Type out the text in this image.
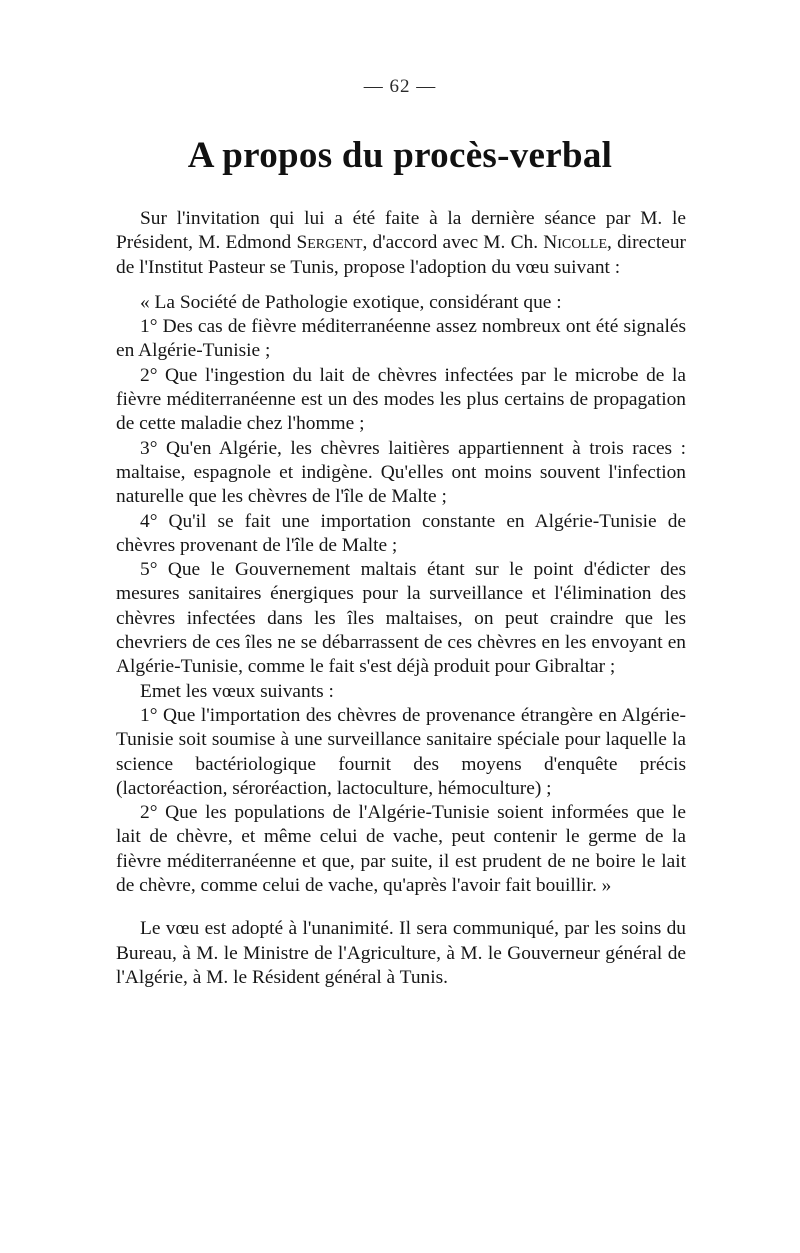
— 62 —
A propos du procès-verbal

Sur l'invitation qui lui a été faite à la dernière séance par M. le Président, M. Edmond Sergent, d'accord avec M. Ch. Nicolle, directeur de l'Institut Pasteur se Tunis, propose l'adoption du vœu suivant :

« La Société de Pathologie exotique, considérant que :

1° Des cas de fièvre méditerranéenne assez nombreux ont été signalés en Algérie-Tunisie ;

2° Que l'ingestion du lait de chèvres infectées par le microbe de la fièvre méditerranéenne est un des modes les plus certains de propagation de cette maladie chez l'homme ;

3° Qu'en Algérie, les chèvres laitières appartiennent à trois races : maltaise, espagnole et indigène. Qu'elles ont moins souvent l'infection naturelle que les chèvres de l'île de Malte ;

4° Qu'il se fait une importation constante en Algérie-Tunisie de chèvres provenant de l'île de Malte ;

5° Que le Gouvernement maltais étant sur le point d'édicter des mesures sanitaires énergiques pour la surveillance et l'élimination des chèvres infectées dans les îles maltaises, on peut craindre que les chevriers de ces îles ne se débarrassent de ces chèvres en les envoyant en Algérie-Tunisie, comme le fait s'est déjà produit pour Gibraltar ;

Emet les vœux suivants :

1° Que l'importation des chèvres de provenance étrangère en Algérie-Tunisie soit soumise à une surveillance sanitaire spéciale pour laquelle la science bactériologique fournit des moyens d'enquête précis (lactoréaction, séroréaction, lactoculture, hémoculture) ;

2° Que les populations de l'Algérie-Tunisie soient informées que le lait de chèvre, et même celui de vache, peut contenir le germe de la fièvre méditerranéenne et que, par suite, il est prudent de ne boire le lait de chèvre, comme celui de vache, qu'après l'avoir fait bouillir. »

Le vœu est adopté à l'unanimité. Il sera communiqué, par les soins du Bureau, à M. le Ministre de l'Agriculture, à M. le Gouverneur général de l'Algérie, à M. le Résident général à Tunis.
